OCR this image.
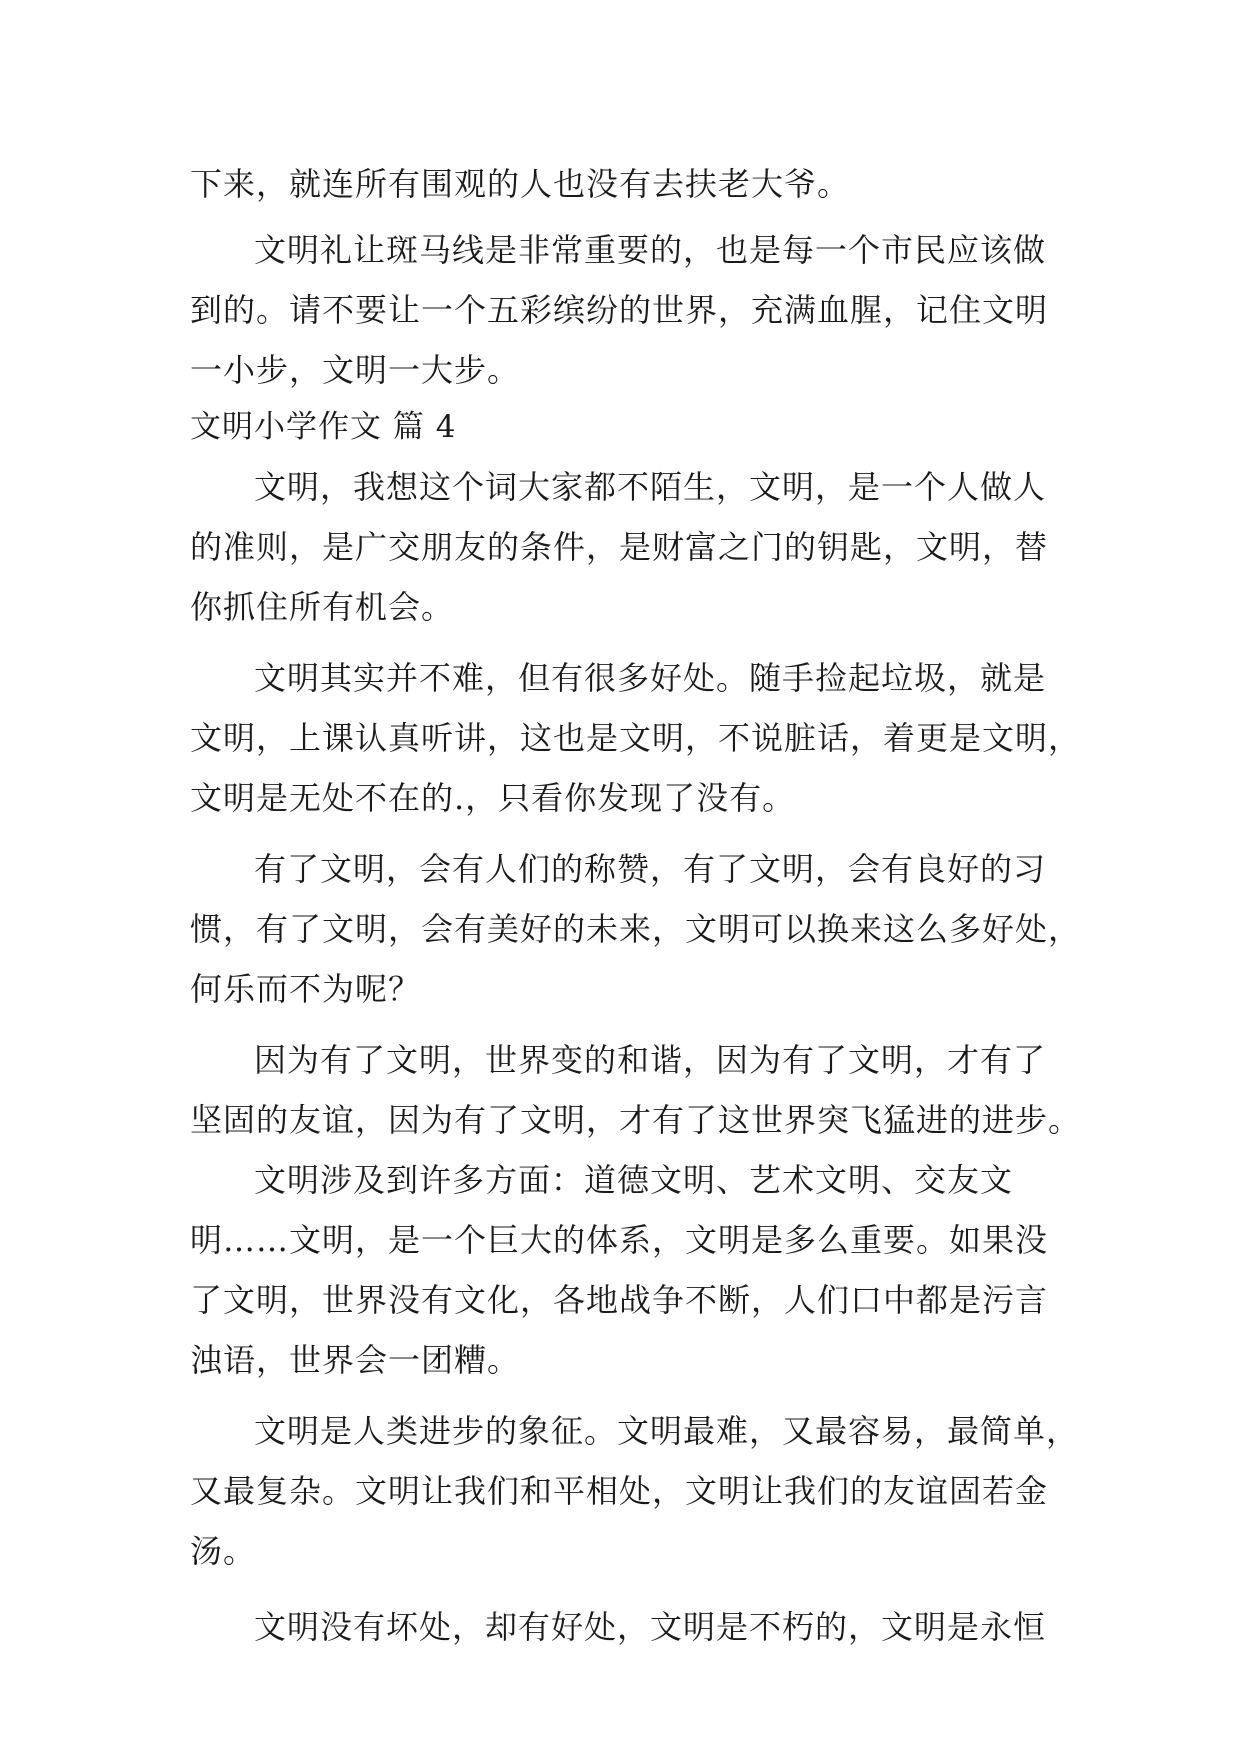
下来，就连所有围观的人也没有去扶老大爷。
文明礼让斑马线是非常重要的，也是每一个市民应该做
到的。请不要让一个五彩缤纷的世界，充满血腥，记住文明
一小步，文明一大步。
文明小学作文 篇 4
文明，我想这个词大家都不陌生，文明，是一个人做人
的准则，是广交朋友的条件，是财富之门的钥匙，文明，替
你抓住所有机会。
文明其实并不难，但有很多好处。随手捡起垃圾，就是
文明，上课认真听讲，这也是文明，不说脏话，着更是文明，
文明是无处不在的.，只看你发现了没有。
有了文明，会有人们的称赞，有了文明，会有良好的习
惯，有了文明，会有美好的未来，文明可以换来这么多好处，
何乐而不为呢？
因为有了文明，世界变的和谐，因为有了文明，才有了
坚固的友谊，因为有了文明，才有了这世界突飞猛进的进步。
文明涉及到许多方面：道德文明、艺术文明、交友文
明……文明，是一个巨大的体系，文明是多么重要。如果没
了文明，世界没有文化，各地战争不断，人们口中都是污言
浊语，世界会一团糟。
文明是人类进步的象征。文明最难，又最容易，最简单，
又最复杂。文明让我们和平相处，文明让我们的友谊固若金
汤。
文明没有坏处，却有好处，文明是不朽的，文明是永恒
